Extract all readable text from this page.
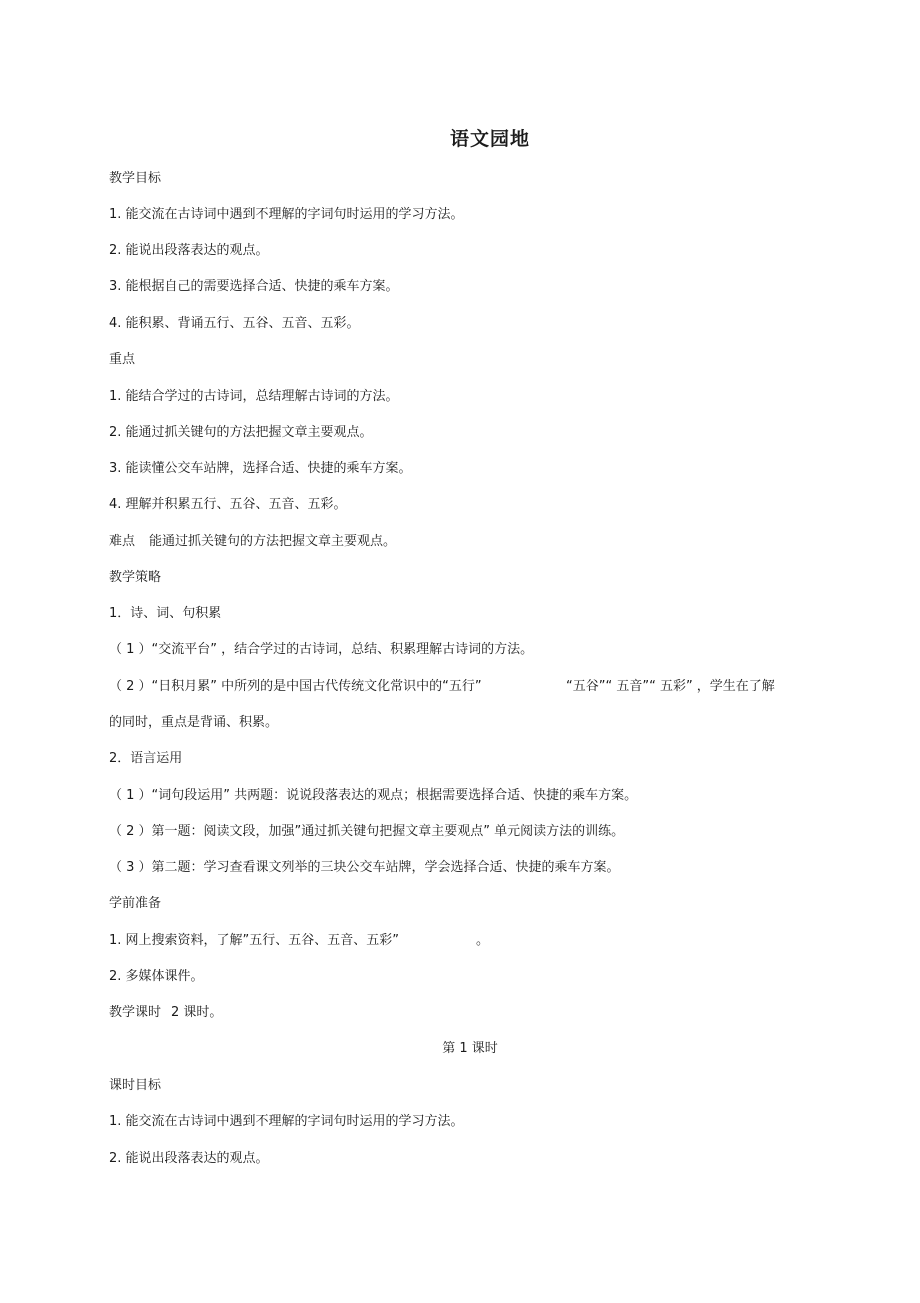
语文园地
教学目标
1. 能交流在古诗词中遇到不理解的字词句时运用的学习方法。
2. 能说出段落表达的观点。
3. 能根据自己的需要选择合适、快捷的乘车方案。
4. 能积累、背诵五行、五谷、五音、五彩。
重点
1. 能结合学过的古诗词，总结理解古诗词的方法。
2. 能通过抓关键句的方法把握文章主要观点。
3. 能读懂公交车站牌，选择合适、快捷的乘车方案。
4. 理解并积累五行、五谷、五音、五彩。
难点 能通过抓关键句的方法把握文章主要观点。
教学策略
1．诗、词、句积累
（ 1 ）“交流平台” ，结合学过的古诗词，总结、积累理解古诗词的方法。
（ 2 ）“日积月累” 中所列的是中国古代传统文化常识中的“五行”	“五谷”“ 五音”“ 五彩” ，学生在了解
的同时，重点是背诵、积累。
2．语言运用
（ 1 ）“词句段运用” 共两题：说说段落表达的观点；根据需要选择合适、快捷的乘车方案。
（ 2 ）第一题：阅读文段，加强”通过抓关键句把握文章主要观点” 单元阅读方法的训练。
（ 3 ）第二题：学习查看课文列举的三块公交车站牌，学会选择合适、快捷的乘车方案。
学前准备
1. 网上搜索资料，了解”五行、五谷、五音、五彩”	。
2. 多媒体课件。
教学课时 2 课时。
第 1 课时
课时目标
1. 能交流在古诗词中遇到不理解的字词句时运用的学习方法。
2. 能说出段落表达的观点。
